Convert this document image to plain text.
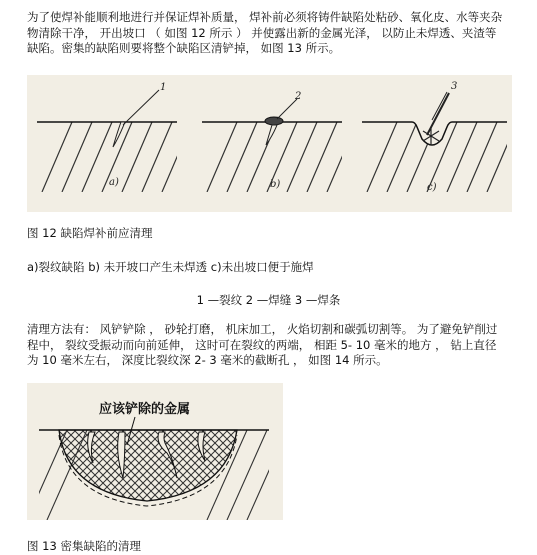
为了使焊补能顺利地进行并保证焊补质量， 焊补前必须将铸件缺陷处粘砂、氧化皮、水等夹杂

物清除干净， 开出坡口 （ 如图 12 所示 ） 并使露出新的金属光泽， 以防止未焊透、夹渣等

缺陷。密集的缺陷则要将整个缺陷区清铲掉， 如图 13 所示。

1
a)
2
b)
3
c)
图 12 缺陷焊补前应清理
a)裂纹缺陷 b) 未开坡口产生未焊透 c)未出坡口便于施焊
1 —裂纹 2 —焊缝 3 —焊条

清理方法有： 风铲铲除 ， 砂轮打磨， 机床加工， 火焰切割和碳弧切割等。 为了避免铲削过

程中， 裂纹受振动而向前延伸， 这时可在裂纹的两端， 相距 5- 10 毫米的地方 ， 钻上直径

为 10 毫米左右， 深度比裂纹深 2- 3 毫米的截断孔 ， 如图 14 所示。

应该铲除的金属
图 13 密集缺陷的清理
